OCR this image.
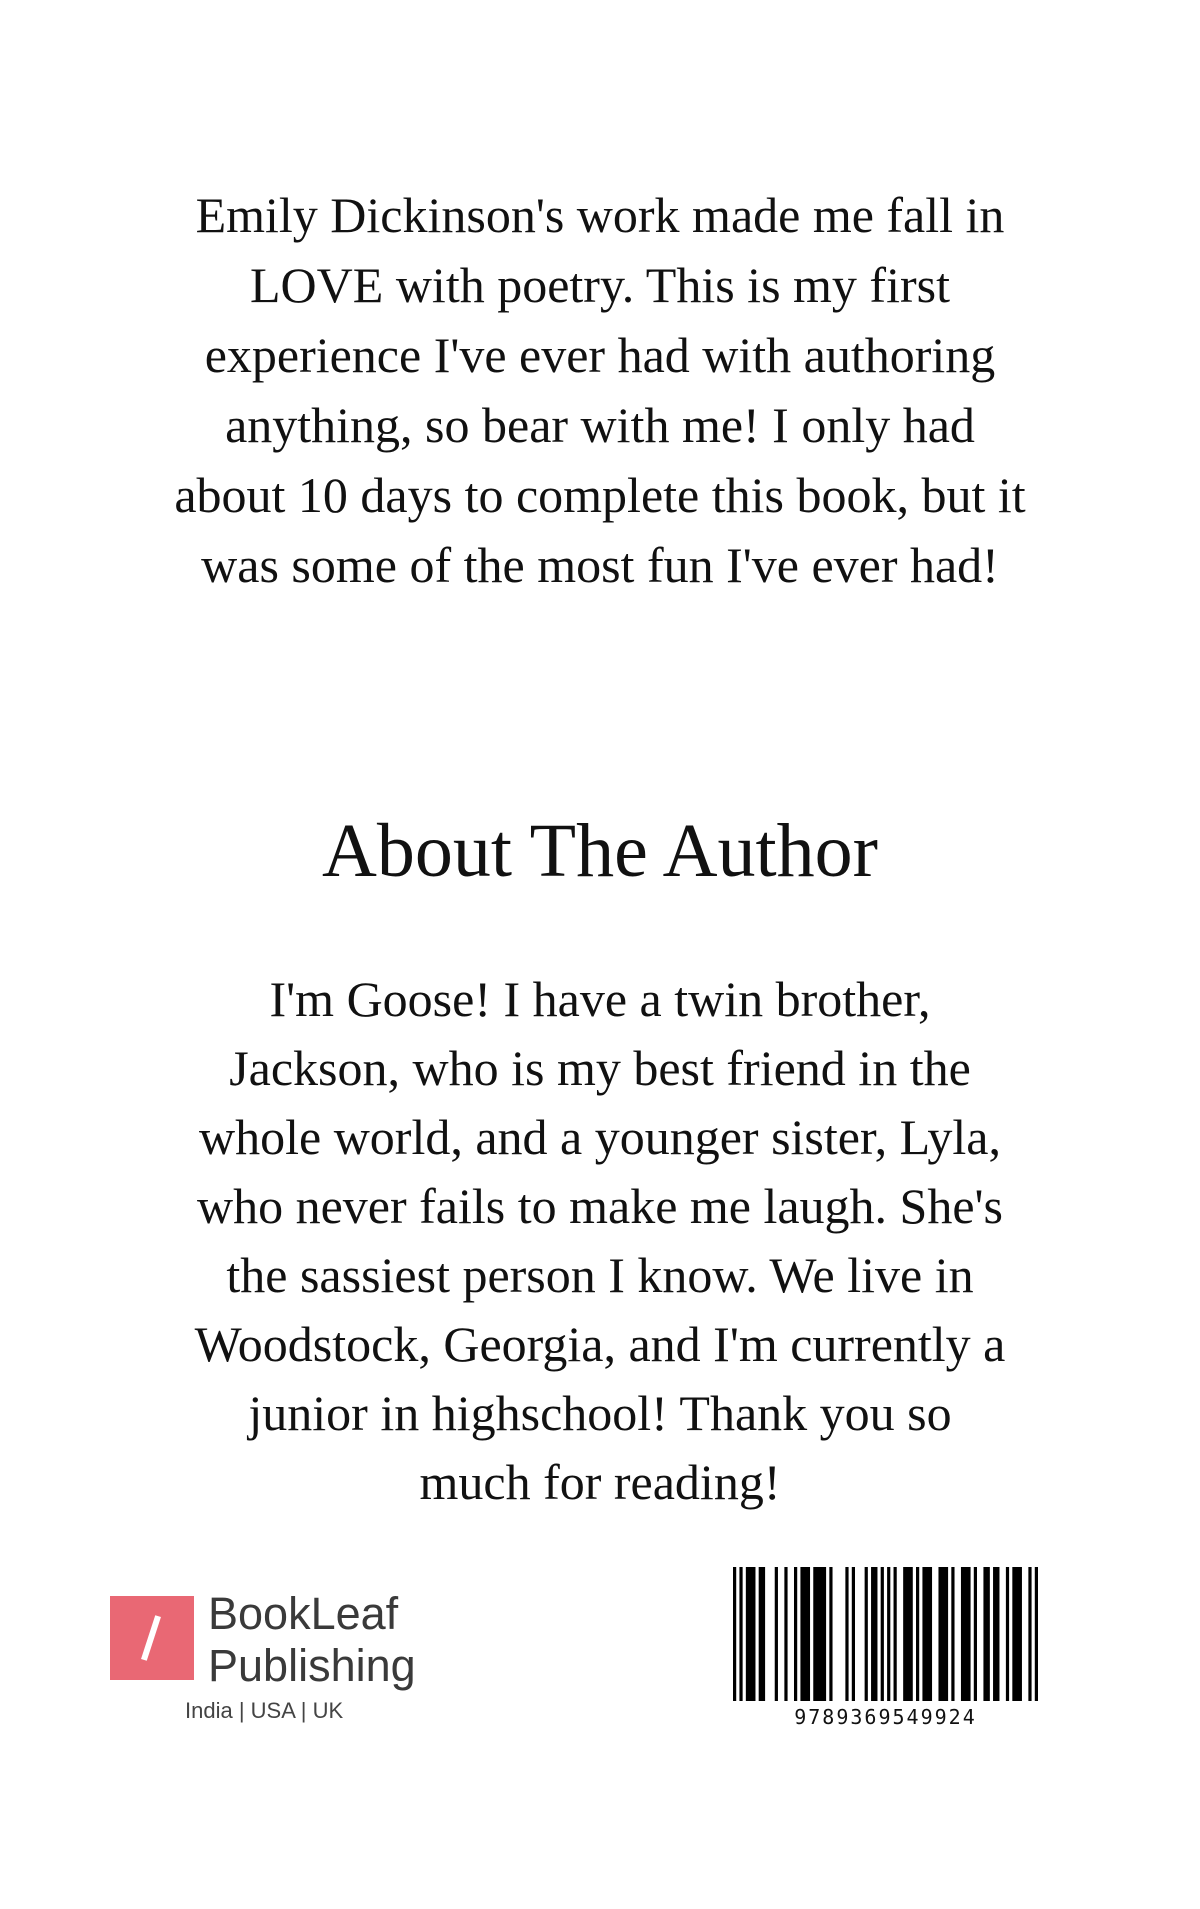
Emily Dickinson's work made me fall in
LOVE with poetry. This is my first
experience I've ever had with authoring
anything, so bear with me! I only had
about 10 days to complete this book, but it
was some of the most fun I've ever had!
About The Author
I'm Goose! I have a twin brother,
Jackson, who is my best friend in the
whole world, and a younger sister, Lyla,
who never fails to make me laugh. She's
the sassiest person I know. We live in
Woodstock, Georgia, and I'm currently a
junior in highschool! Thank you so
much for reading!
BookLeaf
Publishing
India | USA | UK	9789369549924
